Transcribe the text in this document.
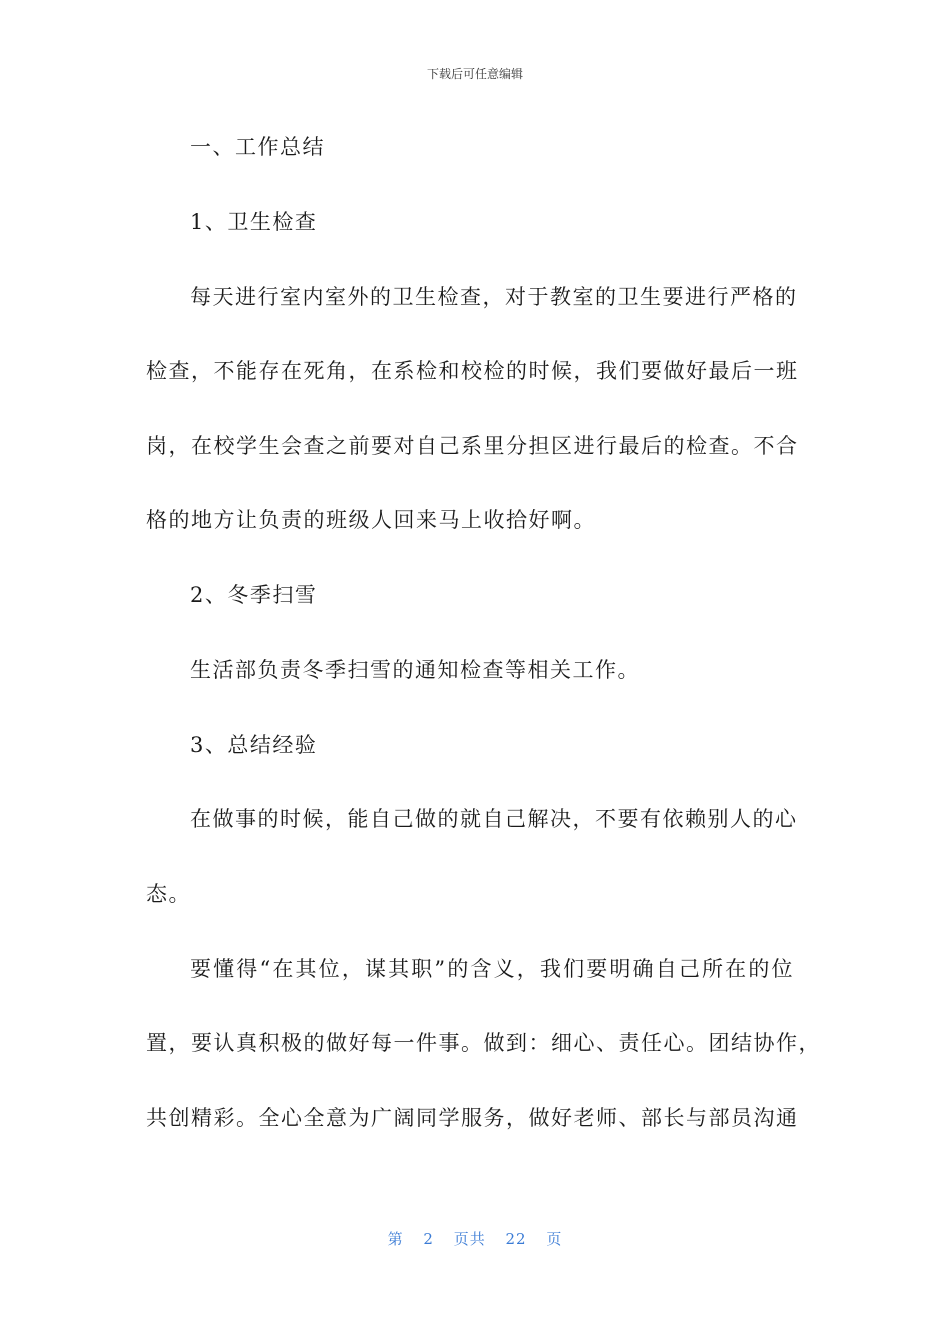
下载后可任意编辑
一、工作总结
1、卫生检查
每天进行室内室外的卫生检查，对于教室的卫生要进行严格的
检查，不能存在死角，在系检和校检的时候，我们要做好最后一班
岗，在校学生会查之前要对自己系里分担区进行最后的检查。不合
格的地方让负责的班级人回来马上收拾好啊。
2、冬季扫雪
生活部负责冬季扫雪的通知检查等相关工作。
3、总结经验
在做事的时候，能自己做的就自己解决，不要有依赖别人的心
态。
要懂得“在其位，谋其职”的含义，我们要明确自己所在的位
置，要认真积极的做好每一件事。做到：细心、责任心。团结协作，
共创精彩。全心全意为广阔同学服务，做好老师、部长与部员沟通
第 2 页共 22 页
